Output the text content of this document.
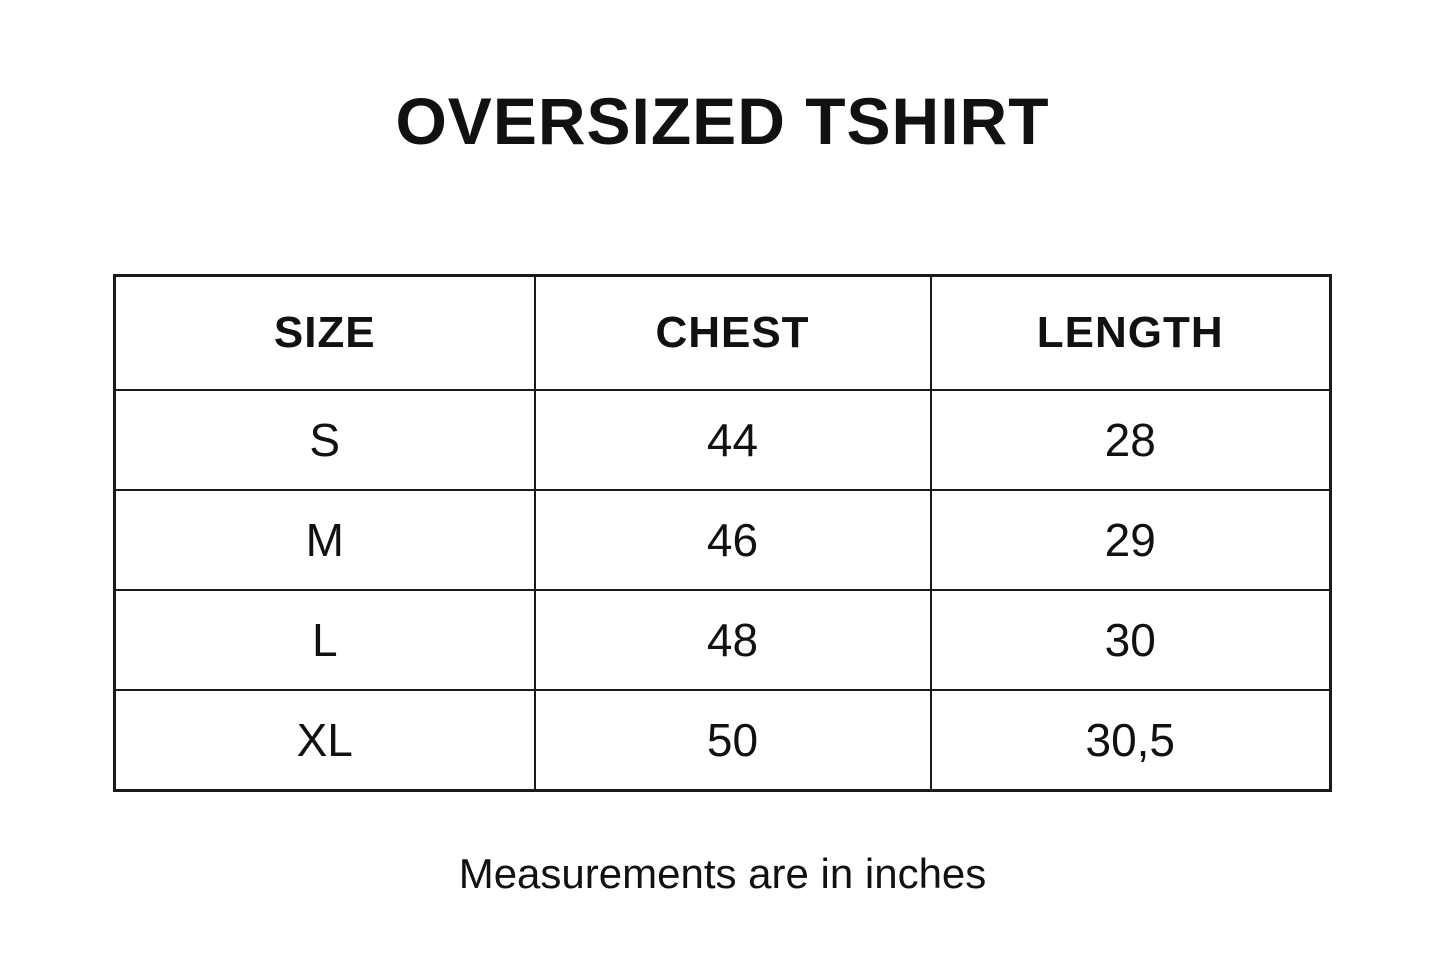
OVERSIZED TSHIRT
SIZE	CHEST	LENGTH
S	44	28
M	46	29
L	48	30
XL	50	30,5
Measurements are in inches
